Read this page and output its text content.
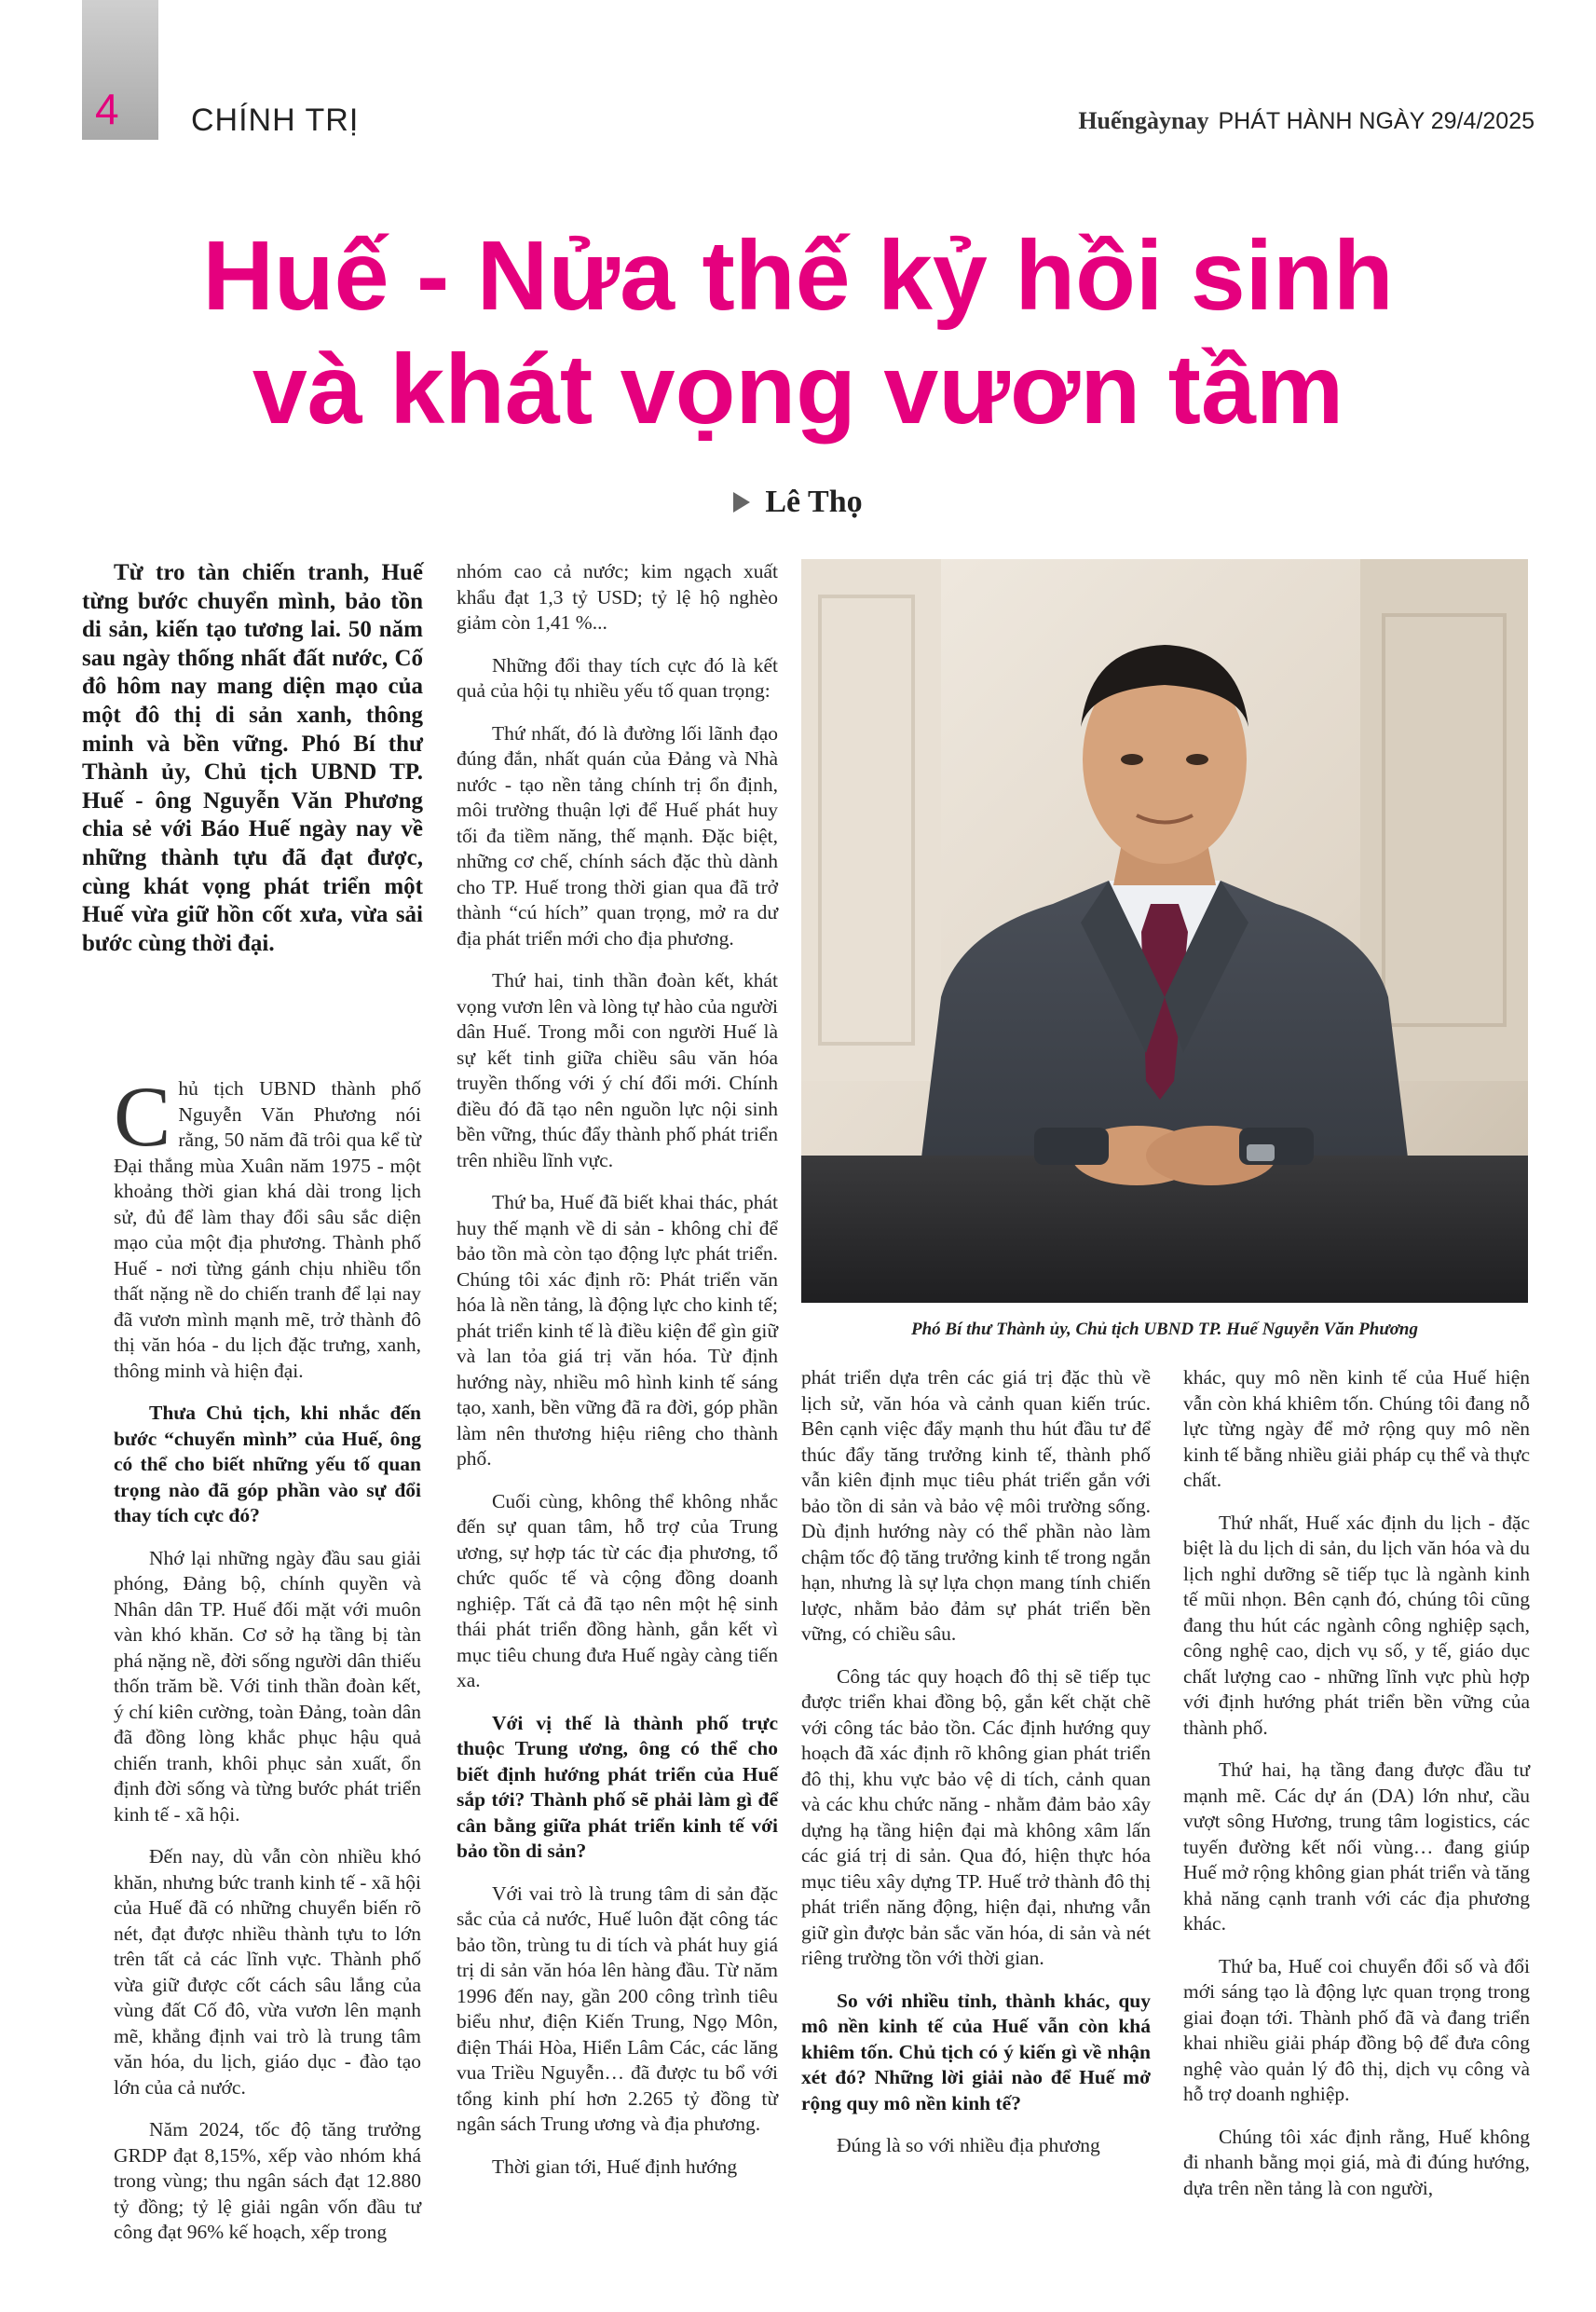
4 CHÍNH TRỊ	Huếngàynay PHÁT HÀNH NGÀY 29/4/2025
Huế - Nửa thế kỷ hồi sinh
và khát vọng vươn tầm
Lê Thọ

Từ tro tàn chiến tranh, Huế từng bước chuyển mình, bảo tồn di sản, kiến tạo tương lai. 50 năm sau ngày thống nhất đất nước, Cố đô hôm nay mang diện mạo của một đô thị di sản xanh, thông minh và bền vững. Phó Bí thư Thành ủy, Chủ tịch UBND TP. Huế - ông Nguyễn Văn Phương chia sẻ với Báo Huế ngày nay về những thành tựu đã đạt được, cùng khát vọng phát triển một Huế vừa giữ hồn cốt xưa, vừa sải bước cùng thời đại.

Chủ tịch UBND thành phố Nguyễn Văn Phương nói rằng, 50 năm đã trôi qua kể từ Đại thắng mùa Xuân năm 1975 - một khoảng thời gian khá dài trong lịch sử, đủ để làm thay đổi sâu sắc diện mạo của một địa phương. Thành phố Huế - nơi từng gánh chịu nhiều tổn thất nặng nề do chiến tranh để lại nay đã vươn mình mạnh mẽ, trở thành đô thị văn hóa - du lịch đặc trưng, xanh, thông minh và hiện đại.

Thưa Chủ tịch, khi nhắc đến bước “chuyển mình” của Huế, ông có thể cho biết những yếu tố quan trọng nào đã góp phần vào sự đổi thay tích cực đó?

Nhớ lại những ngày đầu sau giải phóng, Đảng bộ, chính quyền và Nhân dân TP. Huế đối mặt với muôn vàn khó khăn. Cơ sở hạ tầng bị tàn phá nặng nề, đời sống người dân thiếu thốn trăm bề. Với tinh thần đoàn kết, ý chí kiên cường, toàn Đảng, toàn dân đã đồng lòng khắc phục hậu quả chiến tranh, khôi phục sản xuất, ổn định đời sống và từng bước phát triển kinh tế - xã hội.

Đến nay, dù vẫn còn nhiều khó khăn, nhưng bức tranh kinh tế - xã hội của Huế đã có những chuyển biến rõ nét, đạt được nhiều thành tựu to lớn trên tất cả các lĩnh vực. Thành phố vừa giữ được cốt cách sâu lắng của vùng đất Cố đô, vừa vươn lên mạnh mẽ, khẳng định vai trò là trung tâm văn hóa, du lịch, giáo dục - đào tạo lớn của cả nước.

Năm 2024, tốc độ tăng trưởng GRDP đạt 8,15%, xếp vào nhóm khá trong vùng; thu ngân sách đạt 12.880 tỷ đồng; tỷ lệ giải ngân vốn đầu tư công đạt 96% kế hoạch, xếp trong

nhóm cao cả nước; kim ngạch xuất khẩu đạt 1,3 tỷ USD; tỷ lệ hộ nghèo giảm còn 1,41 %...

Những đổi thay tích cực đó là kết quả của hội tụ nhiều yếu tố quan trọng:

Thứ nhất, đó là đường lối lãnh đạo đúng đắn, nhất quán của Đảng và Nhà nước - tạo nền tảng chính trị ổn định, môi trường thuận lợi để Huế phát huy tối đa tiềm năng, thế mạnh. Đặc biệt, những cơ chế, chính sách đặc thù dành cho TP. Huế trong thời gian qua đã trở thành “cú hích” quan trọng, mở ra dư địa phát triển mới cho địa phương.

Thứ hai, tinh thần đoàn kết, khát vọng vươn lên và lòng tự hào của người dân Huế. Trong mỗi con người Huế là sự kết tinh giữa chiều sâu văn hóa truyền thống với ý chí đổi mới. Chính điều đó đã tạo nên nguồn lực nội sinh bền vững, thúc đẩy thành phố phát triển trên nhiều lĩnh vực.

Thứ ba, Huế đã biết khai thác, phát huy thế mạnh về di sản - không chỉ để bảo tồn mà còn tạo động lực phát triển. Chúng tôi xác định rõ: Phát triển văn hóa là nền tảng, là động lực cho kinh tế; phát triển kinh tế là điều kiện để gìn giữ và lan tỏa giá trị văn hóa. Từ định hướng này, nhiều mô hình kinh tế sáng tạo, xanh, bền vững đã ra đời, góp phần làm nên thương hiệu riêng cho thành phố.

Cuối cùng, không thể không nhắc đến sự quan tâm, hỗ trợ của Trung ương, sự hợp tác từ các địa phương, tổ chức quốc tế và cộng đồng doanh nghiệp. Tất cả đã tạo nên một hệ sinh thái phát triển đồng hành, gắn kết vì mục tiêu chung đưa Huế ngày càng tiến xa.

Với vị thế là thành phố trực thuộc Trung ương, ông có thể cho biết định hướng phát triển của Huế sắp tới? Thành phố sẽ phải làm gì để cân bằng giữa phát triển kinh tế với bảo tồn di sản?

Với vai trò là trung tâm di sản đặc sắc của cả nước, Huế luôn đặt công tác bảo tồn, trùng tu di tích và phát huy giá trị di sản văn hóa lên hàng đầu. Từ năm 1996 đến nay, gần 200 công trình tiêu biểu như, điện Kiến Trung, Ngọ Môn, điện Thái Hòa, Hiển Lâm Các, các lăng vua Triều Nguyễn… đã được tu bổ với tổng kinh phí hơn 2.265 tỷ đồng từ ngân sách Trung ương và địa phương.

Thời gian tới, Huế định hướng

Phó Bí thư Thành ủy, Chủ tịch UBND TP. Huế Nguyễn Văn Phương

phát triển dựa trên các giá trị đặc thù về lịch sử, văn hóa và cảnh quan kiến trúc. Bên cạnh việc đẩy mạnh thu hút đầu tư để thúc đẩy tăng trưởng kinh tế, thành phố vẫn kiên định mục tiêu phát triển gắn với bảo tồn di sản và bảo vệ môi trường sống. Dù định hướng này có thể phần nào làm chậm tốc độ tăng trưởng kinh tế trong ngắn hạn, nhưng là sự lựa chọn mang tính chiến lược, nhằm bảo đảm sự phát triển bền vững, có chiều sâu.

Công tác quy hoạch đô thị sẽ tiếp tục được triển khai đồng bộ, gắn kết chặt chẽ với công tác bảo tồn. Các định hướng quy hoạch đã xác định rõ không gian phát triển đô thị, khu vực bảo vệ di tích, cảnh quan và các khu chức năng - nhằm đảm bảo xây dựng hạ tầng hiện đại mà không xâm lấn các giá trị di sản. Qua đó, hiện thực hóa mục tiêu xây dựng TP. Huế trở thành đô thị phát triển năng động, hiện đại, nhưng vẫn giữ gìn được bản sắc văn hóa, di sản và nét riêng trường tồn với thời gian.

So với nhiều tỉnh, thành khác, quy mô nền kinh tế của Huế vẫn còn khá khiêm tốn. Chủ tịch có ý kiến gì về nhận xét đó? Những lời giải nào để Huế mở rộng quy mô nền kinh tế?

Đúng là so với nhiều địa phương

khác, quy mô nền kinh tế của Huế hiện vẫn còn khá khiêm tốn. Chúng tôi đang nỗ lực từng ngày để mở rộng quy mô nền kinh tế bằng nhiều giải pháp cụ thể và thực chất.

Thứ nhất, Huế xác định du lịch - đặc biệt là du lịch di sản, du lịch văn hóa và du lịch nghỉ dưỡng sẽ tiếp tục là ngành kinh tế mũi nhọn. Bên cạnh đó, chúng tôi cũng đang thu hút các ngành công nghiệp sạch, công nghệ cao, dịch vụ số, y tế, giáo dục chất lượng cao - những lĩnh vực phù hợp với định hướng phát triển bền vững của thành phố.

Thứ hai, hạ tầng đang được đầu tư mạnh mẽ. Các dự án (DA) lớn như, cầu vượt sông Hương, trung tâm logistics, các tuyến đường kết nối vùng… đang giúp Huế mở rộng không gian phát triển và tăng khả năng cạnh tranh với các địa phương khác.

Thứ ba, Huế coi chuyển đổi số và đổi mới sáng tạo là động lực quan trọng trong giai đoạn tới. Thành phố đã và đang triển khai nhiều giải pháp đồng bộ để đưa công nghệ vào quản lý đô thị, dịch vụ công và hỗ trợ doanh nghiệp.

Chúng tôi xác định rằng, Huế không đi nhanh bằng mọi giá, mà đi đúng hướng, dựa trên nền tảng là con người,
